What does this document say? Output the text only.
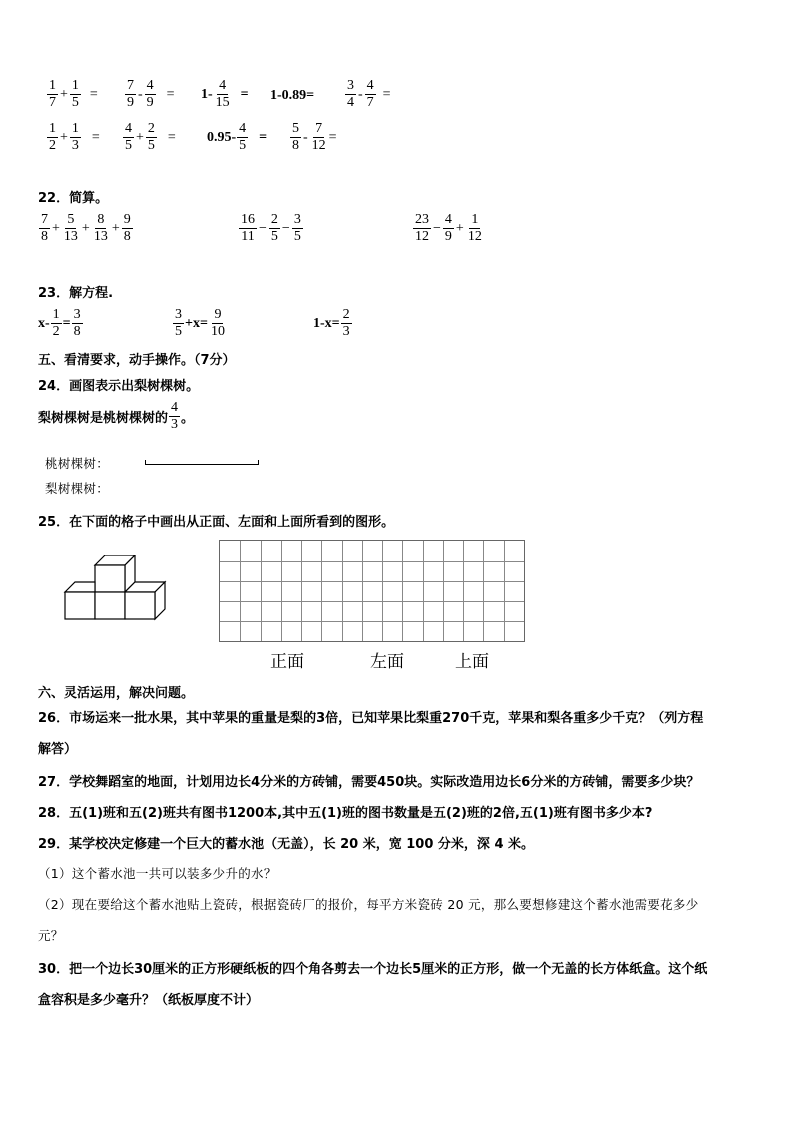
$\frac{1}{7} + \frac{1}{5} = \frac{7}{9} - \frac{4}{9} = 1- \frac{4}{15} = 1-0.89= \frac{3}{4} - \frac{4}{7}$ =
$\frac{1}{2} + \frac{1}{3} = \frac{4}{5} + \frac{2}{5} = 0.95- \frac{4}{5} = \frac{5}{8} - \frac{7}{12}$ =
22．简算。
$\frac{7}{8} + \frac{5}{13} + \frac{8}{13} + \frac{9}{8}$	$\frac{16}{11} - \frac{2}{5} - \frac{3}{5}$	$\frac{23}{12} - \frac{4}{9} + \frac{1}{12}$
23．解方程.
$x- \frac{1}{2} = \frac{3}{8}$	$\frac{3}{5} +x= \frac{9}{10}$	$1-x= \frac{2}{3}$
五、看清要求，动手操作。（7分）
24．画图表示出梨树棵树。
梨树棵树是桃树棵树的 $\frac{4}{3}$ 。
桃树棵树：
梨树棵树：
25．在下面的格子中画出从正面、左面和上面所看到的图形。
正面	左面	上面
六、灵活运用，解决问题。
26．市场运来一批水果，其中苹果的重量是梨的3倍，已知苹果比梨重270千克，苹果和梨各重多少千克？（列方程
解答）
27．学校舞蹈室的地面，计划用边长4分米的方砖铺，需要450块。实际改造用边长6分米的方砖铺，需要多少块？
28．五(1)班和五(2)班共有图书1200本,其中五(1)班的图书数量是五(2)班的2倍,五(1)班有图书多少本?
29．某学校决定修建一个巨大的蓄水池（无盖），长 20 米，宽 100 分米，深 4 米。
（1）这个蓄水池一共可以装多少升的水？
（2）现在要给这个蓄水池贴上瓷砖，根据瓷砖厂的报价，每平方米瓷砖 20 元，那么要想修建这个蓄水池需要花多少
元？
30．把一个边长30厘米的正方形硬纸板的四个角各剪去一个边长5厘米的正方形，做一个无盖的长方体纸盒。这个纸
盒容积是多少毫升？（纸板厚度不计）
